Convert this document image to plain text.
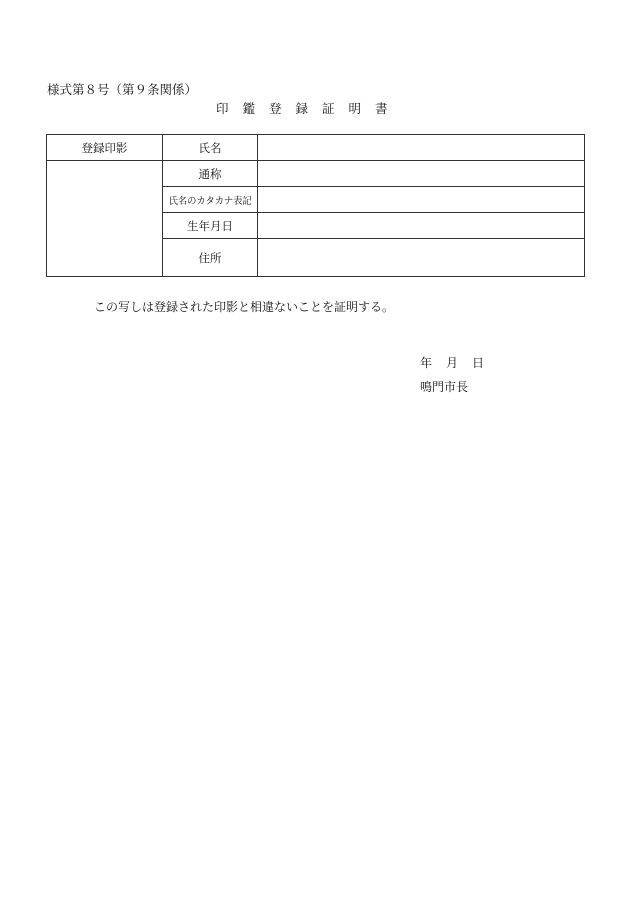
様式第８号（第９条関係）
印鑑登録証明書
登録印影	氏名	
	通称	
	氏名のカタカナ表記	
	生年月日	
	住所	
この写しは登録された印影と相違ないことを証明する。
年 月 日
鳴門市長
